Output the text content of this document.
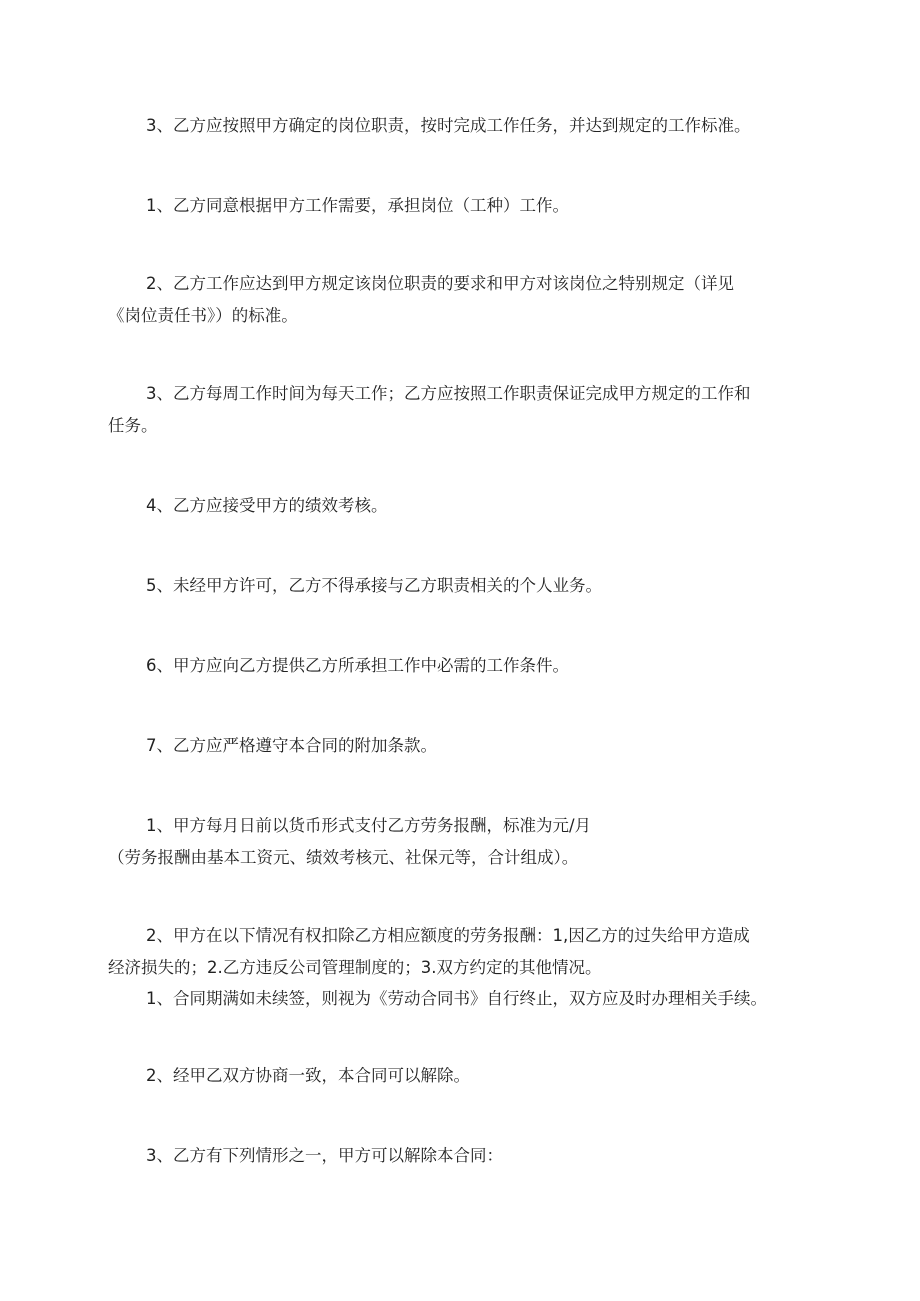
3、乙方应按照甲方确定的岗位职责，按时完成工作任务，并达到规定的工作标准。

1、乙方同意根据甲方工作需要，承担岗位（工种）工作。

2、乙方工作应达到甲方规定该岗位职责的要求和甲方对该岗位之特别规定（详见
《岗位责任书》）的标准。

3、乙方每周工作时间为每天工作；乙方应按照工作职责保证完成甲方规定的工作和
任务。

4、乙方应接受甲方的绩效考核。

5、未经甲方许可，乙方不得承接与乙方职责相关的个人业务。

6、甲方应向乙方提供乙方所承担工作中必需的工作条件。

7、乙方应严格遵守本合同的附加条款。

1、甲方每月日前以货币形式支付乙方劳务报酬，标准为元/月
（劳务报酬由基本工资元、绩效考核元、社保元等，合计组成）。

2、甲方在以下情况有权扣除乙方相应额度的劳务报酬：1,因乙方的过失给甲方造成
经济损失的；2.乙方违反公司管理制度的；3.双方约定的其他情况。

1、合同期满如未续签，则视为《劳动合同书》自行终止，双方应及时办理相关手续。

2、经甲乙双方协商一致，本合同可以解除。

3、乙方有下列情形之一，甲方可以解除本合同：
